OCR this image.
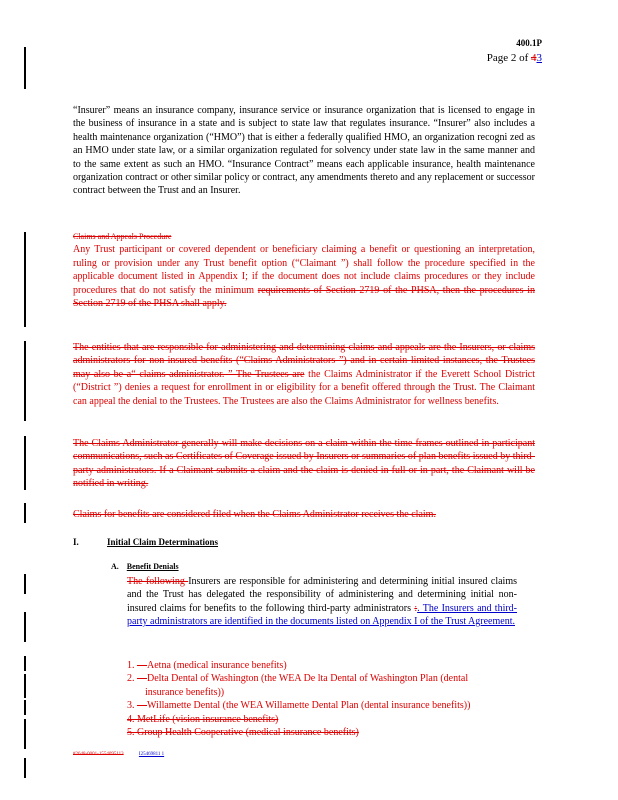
400.1P
Page 2 of 43
“Insurer” means an insurance company, insurance service or insurance organization that is licensed to engage in the business of insurance in a state and is subject to state law that regulates insurance. “Insurer” also includes a health maintenance organization (“HMO”) that is either a federally qualified HMO, an organization recogni zed as an HMO under state law, or a similar organization regulated for solvency under state law in the same manner and to the same extent as such an HMO. “Insurance Contract” means each applicable insurance, health maintenance organization contract or other similar policy or contract, any amendments thereto and any replacement or successor contract between the Trust and an Insurer.
Claims and Appeals Procedure
Any Trust participant or covered dependent or beneficiary claiming a benefit or questioning an interpretation, ruling or provision under any Trust benefit option (“Claimant ”) shall follow the procedure specified in the applicable document listed in Appendix I; if the document does not include claims procedures or they include procedures that do not satisfy the minimum requirements of Section 2719 of the PHSA, then the procedures in Section 2719 of the PHSA shall apply.
The entities that are responsible for administering and determining claims and appeals are the Insurers, or claims administrators for non-insured benefits (“Claims Administrators ”) and in certain limited instances, the Trustees may also be a“ claims administrator. ” The Trustees are the Claims Administrator if the Everett School District (“District ”) denies a request for enrollment in or eligibility for a benefit offered through the Trust. The Claimant can appeal the denial to the Trustees. The Trustees are also the Claims Administrator for wellness benefits.
The Claims Administrator generally will make decisions on a claim within the time frames outlined in participant communications, such as Certificates of Coverage issued by Insurers or summaries of plan benefits issued by third-party administrators. If a Claimant submits a claim and the claim is denied in full or in part, the Claimant will be notified in writing.
Claims for benefits are considered filed when the Claims Administrator receives the claim.
I.	Initial Claim Determinations
A. Benefit Denials
The following Insurers are responsible for administering and determining initial insured claims and the Trust has delegated the responsibility of administering and determining initial non-insured claims for benefits to the following third-party administrators :. The Insurers and third-party administrators are identified in the documents listed on Appendix I of the Trust Agreement.
1. —Aetna (medical insurance benefits)
2. —Delta Dental of Washington (the WEA De lta Dental of Washington Plan (dental
insurance benefits))
3. —Willamette Dental (the WEA Willamette Dental Plan (dental insurance benefits))
4. MetLife (vision insurance benefits)
5. Group Health Cooperative (medical insurance benefits)
#2648-0001-1554095113	I25469811 1
